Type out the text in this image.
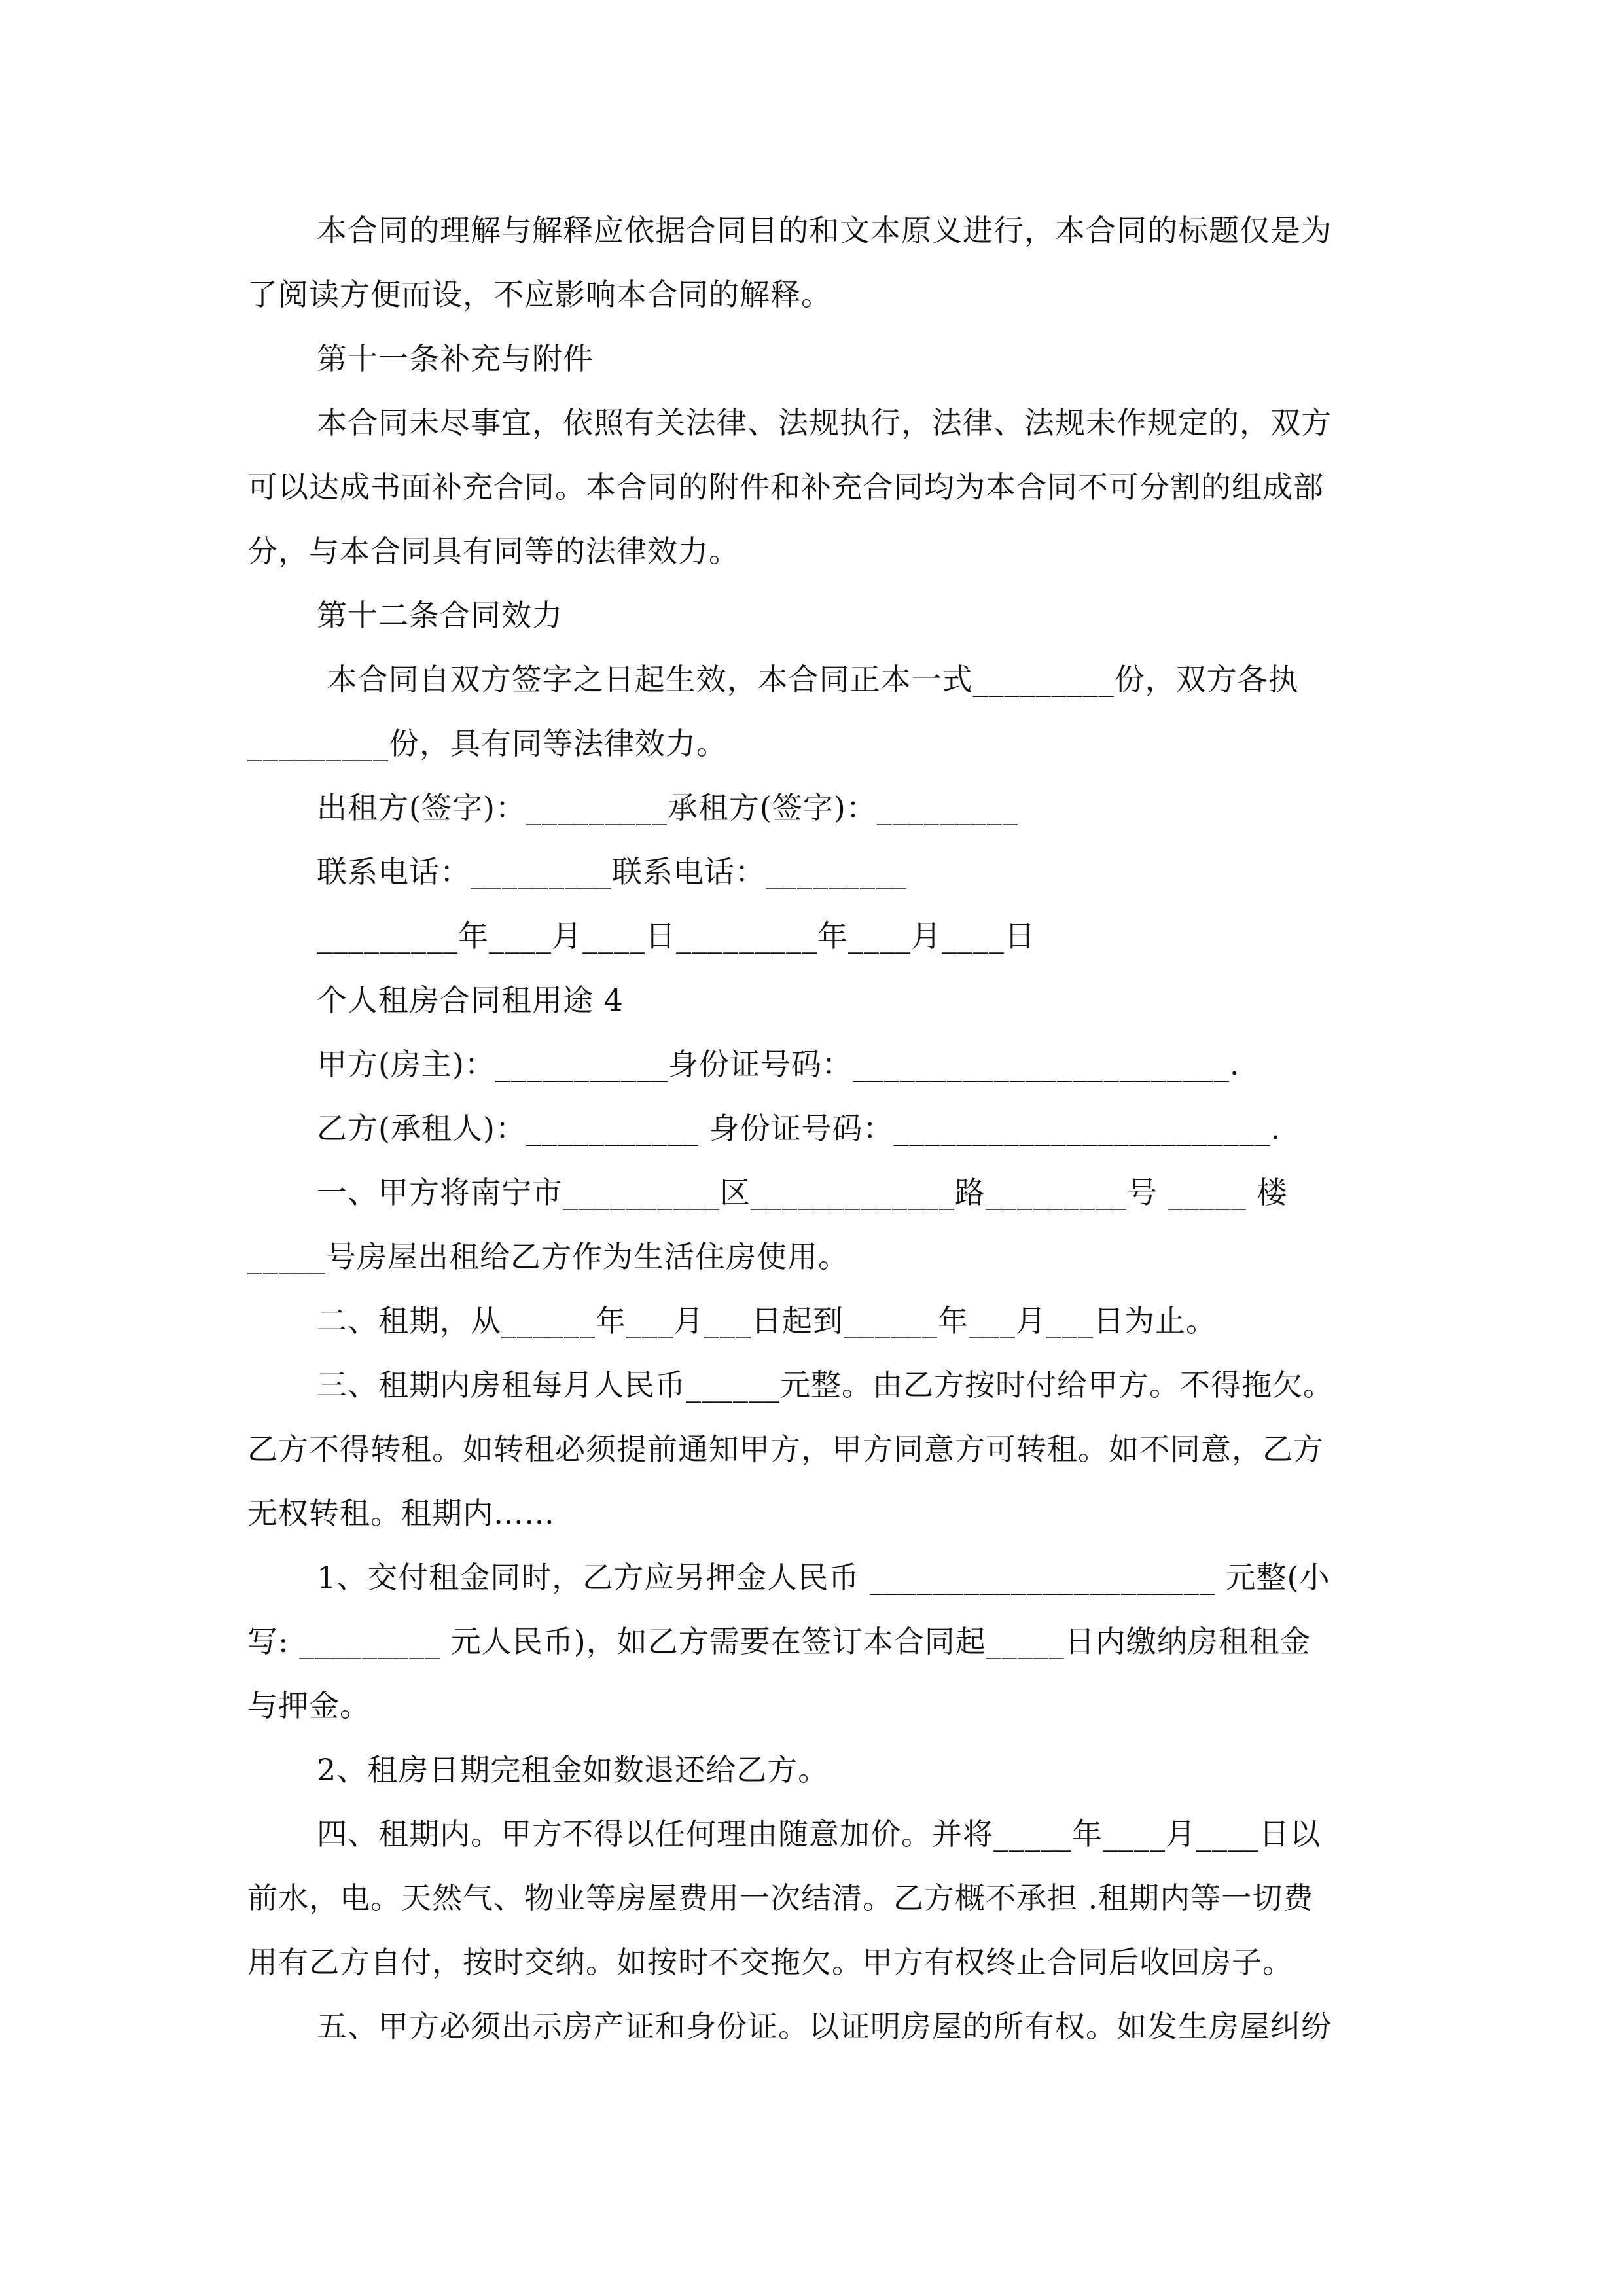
本合同的理解与解释应依据合同目的和文本原义进行，本合同的标题仅是为
了阅读方便而设，不应影响本合同的解释。
第十一条补充与附件
本合同未尽事宜，依照有关法律、法规执行，法律、法规未作规定的，双方
可以达成书面补充合同。本合同的附件和补充合同均为本合同不可分割的组成部
分，与本合同具有同等的法律效力。
第十二条合同效力
本合同自双方签字之日起生效，本合同正本一式_________份，双方各执
_________份，具有同等法律效力。
出租方(签字)：_________承租方(签字)：_________
联系电话：_________联系电话：_________
_________年____月____日_________年____月____日
个人租房合同租用途 4
甲方(房主)：___________身份证号码：________________________.
乙方(承租人)：___________ 身份证号码：________________________.
一、甲方将南宁市__________区_____________路_________号 _____ 楼
_____号房屋出租给乙方作为生活住房使用。
二、租期，从______年___月___日起到______年___月___日为止。
三、租期内房租每月人民币______元整。由乙方按时付给甲方。不得拖欠。
乙方不得转租。如转租必须提前通知甲方，甲方同意方可转租。如不同意，乙方
无权转租。租期内……
1、交付租金同时，乙方应另押金人民币 ______________________ 元整(小
写: _________ 元人民币)，如乙方需要在签订本合同起_____日内缴纳房租租金
与押金。
2、租房日期完租金如数退还给乙方。
四、租期内。甲方不得以任何理由随意加价。并将_____年____月____日以
前水，电。天然气、物业等房屋费用一次结清。乙方概不承担 .租期内等一切费
用有乙方自付，按时交纳。如按时不交拖欠。甲方有权终止合同后收回房子。
五、甲方必须出示房产证和身份证。以证明房屋的所有权。如发生房屋纠纷
